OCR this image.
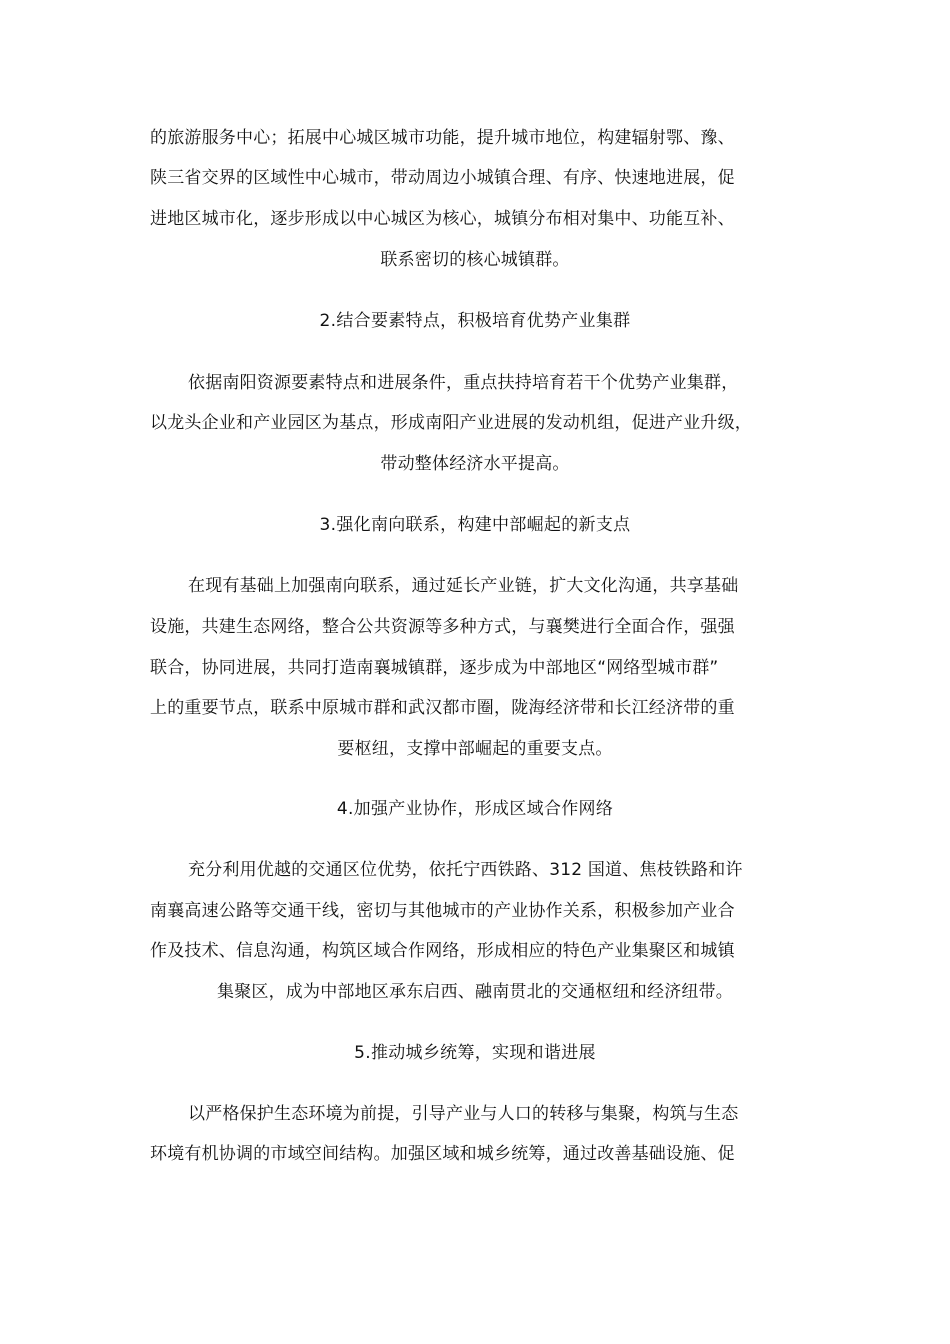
的旅游服务中心；拓展中心城区城市功能，提升城市地位，构建辐射鄂、豫、
陕三省交界的区域性中心城市，带动周边小城镇合理、有序、快速地进展，促
进地区城市化，逐步形成以中心城区为核心，城镇分布相对集中、功能互补、
联系密切的核心城镇群。
2.结合要素特点，积极培育优势产业集群
依据南阳资源要素特点和进展条件，重点扶持培育若干个优势产业集群，
以龙头企业和产业园区为基点，形成南阳产业进展的发动机组，促进产业升级，
带动整体经济水平提高。
3.强化南向联系，构建中部崛起的新支点
在现有基础上加强南向联系，通过延长产业链，扩大文化沟通，共享基础
设施，共建生态网络，整合公共资源等多种方式，与襄樊进行全面合作，强强
联合，协同进展，共同打造南襄城镇群，逐步成为中部地区“网络型城市群”
上的重要节点，联系中原城市群和武汉都市圈，陇海经济带和长江经济带的重
要枢纽，支撑中部崛起的重要支点。
4.加强产业协作，形成区域合作网络
充分利用优越的交通区位优势，依托宁西铁路、312 国道、焦枝铁路和许
南襄高速公路等交通干线，密切与其他城市的产业协作关系，积极参加产业合
作及技术、信息沟通，构筑区域合作网络，形成相应的特色产业集聚区和城镇
集聚区，成为中部地区承东启西、融南贯北的交通枢纽和经济纽带。
5.推动城乡统筹，实现和谐进展
以严格保护生态环境为前提，引导产业与人口的转移与集聚，构筑与生态
环境有机协调的市域空间结构。加强区域和城乡统筹，通过改善基础设施、促
